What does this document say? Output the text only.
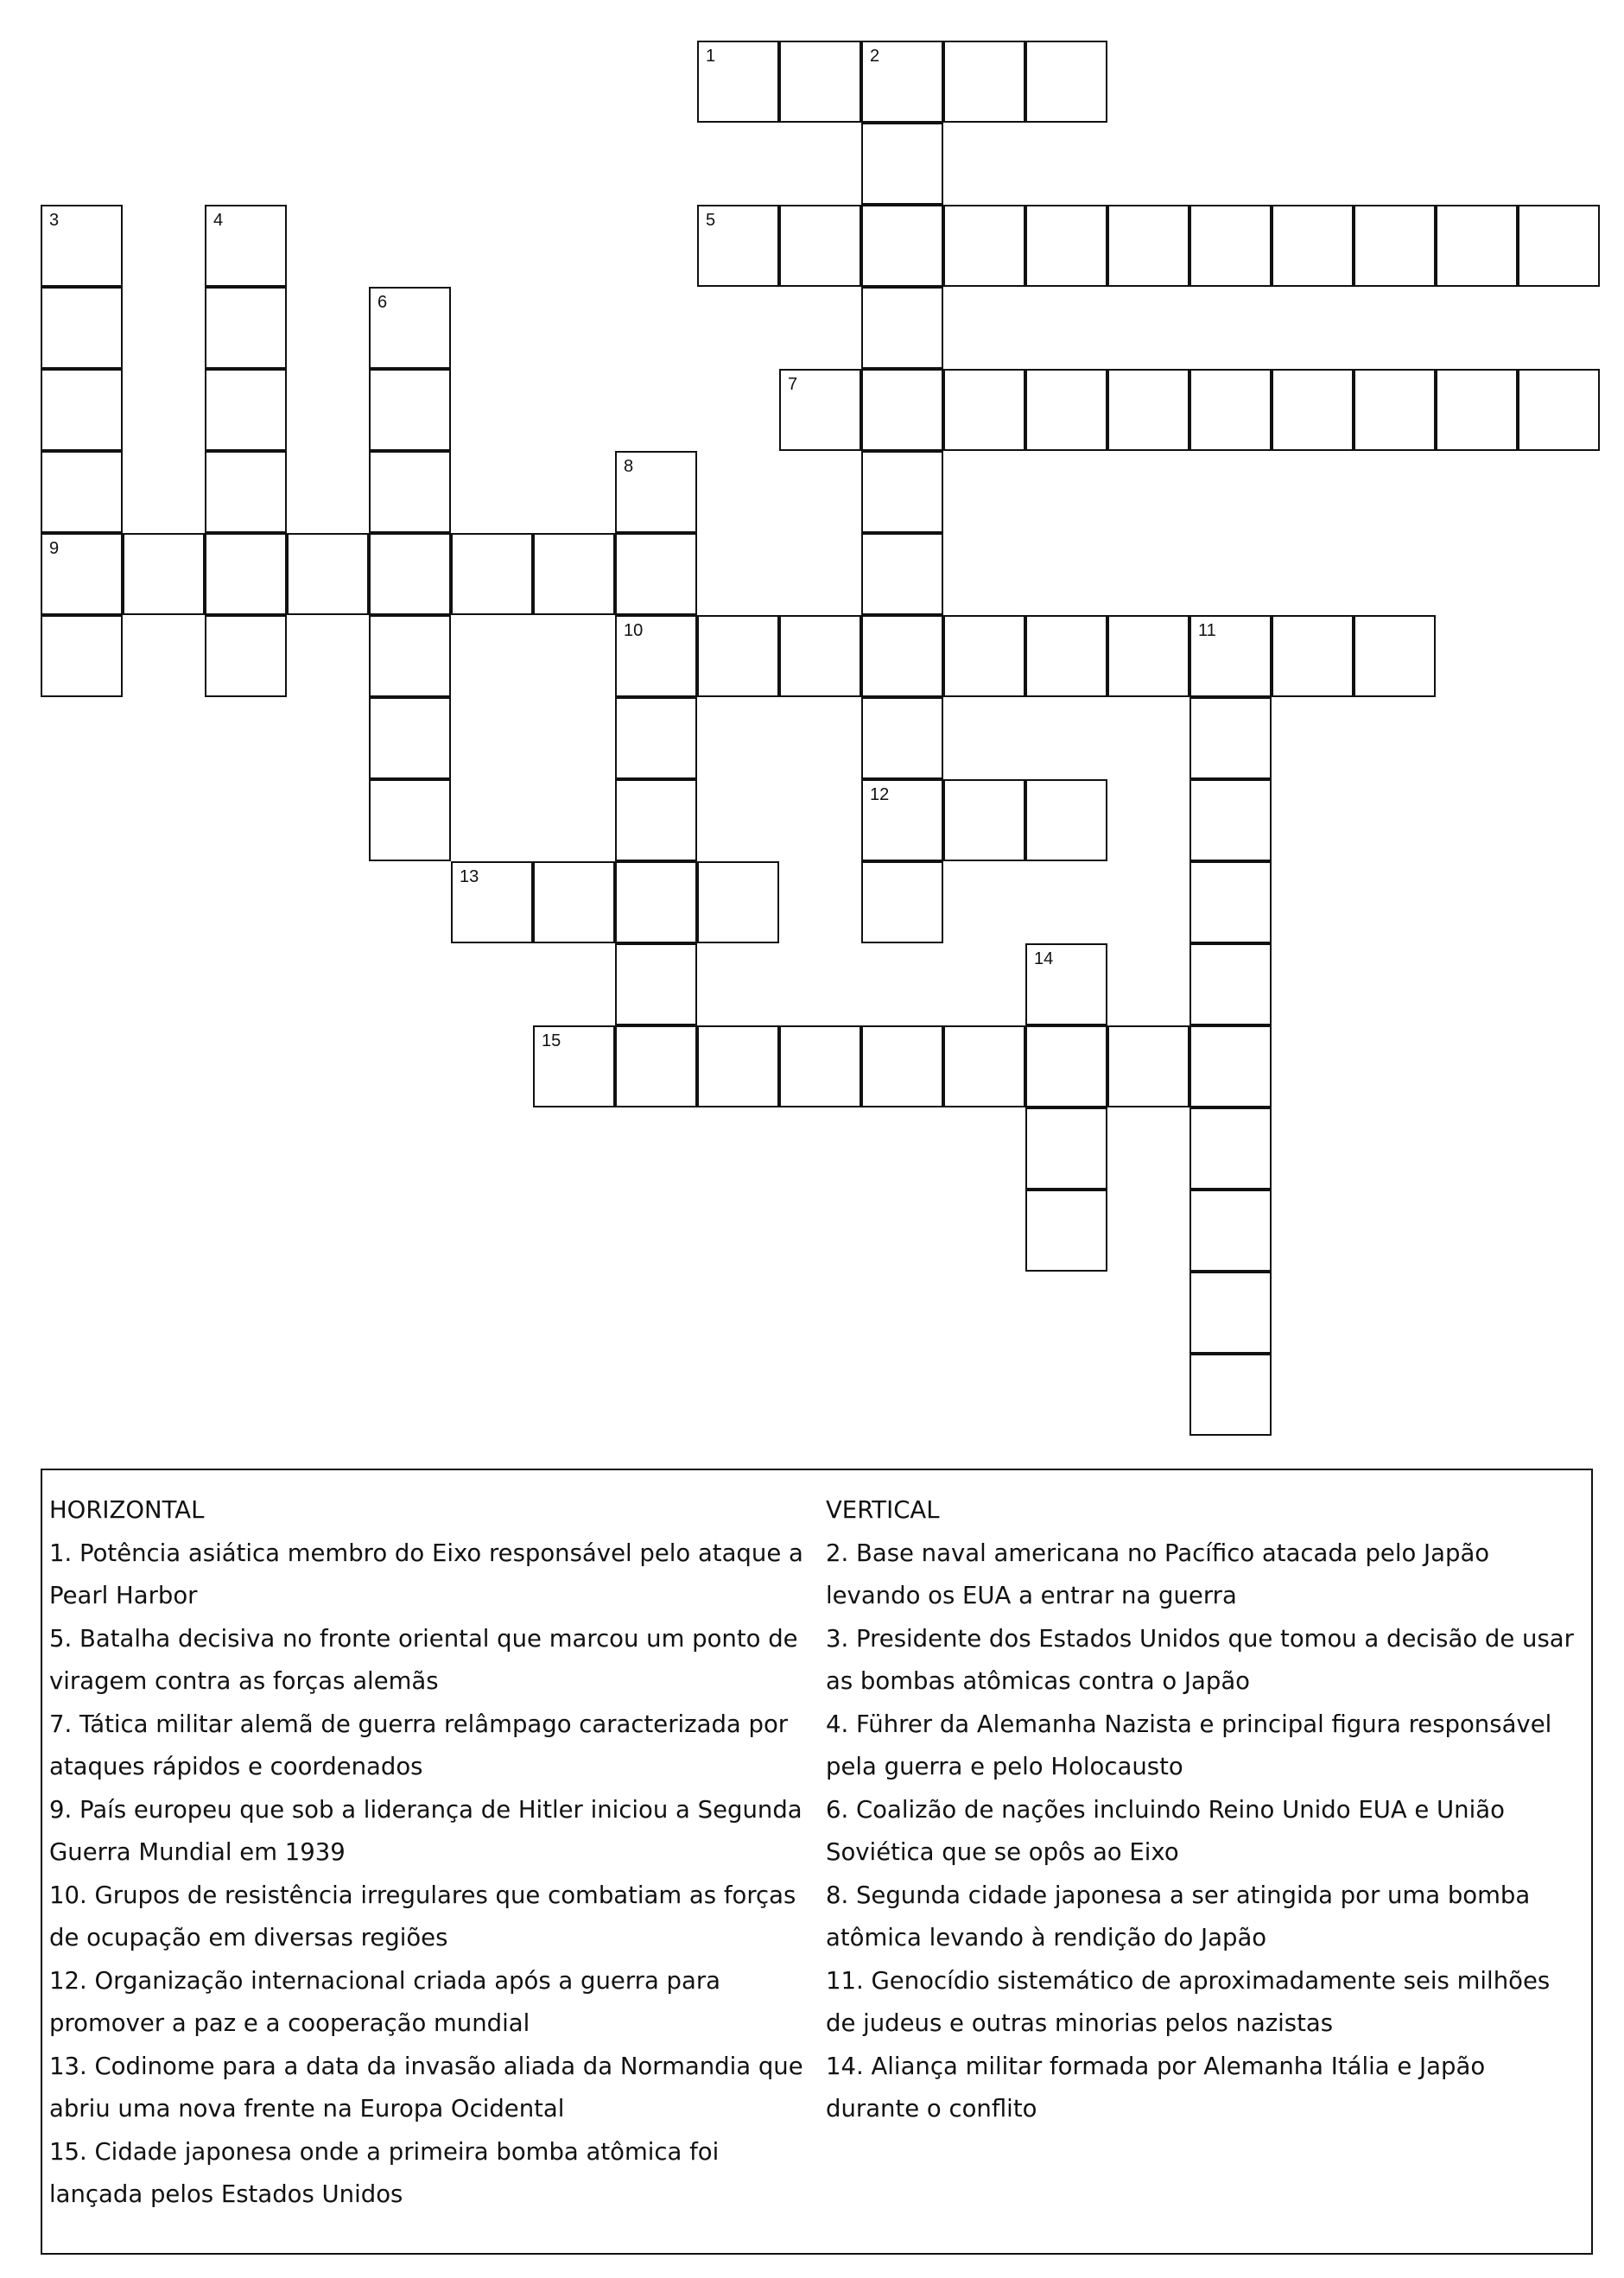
1	2
12
3
9
4	5
6
7
8
10	11
13
14
15
HORIZONTAL
1. Potência asiática membro do Eixo responsável pelo ataque a Pearl Harbor
5. Batalha decisiva no fronte oriental que marcou um ponto de viragem contra as forças alemãs
7. Tática militar alemã de guerra relâmpago caracterizada por ataques rápidos e coordenados
9. País europeu que sob a liderança de Hitler iniciou a Segunda Guerra Mundial em 1939
10. Grupos de resistência irregulares que combatiam as forças de ocupação em diversas regiões
12. Organização internacional criada após a guerra para promover a paz e a cooperação mundial
13. Codinome para a data da invasão aliada da Normandia que abriu uma nova frente na Europa Ocidental
15. Cidade japonesa onde a primeira bomba atômica foi lançada pelos Estados Unidos
VERTICAL
2. Base naval americana no Pacífico atacada pelo Japão levando os EUA a entrar na guerra
3. Presidente dos Estados Unidos que tomou a decisão de usar as bombas atômicas contra o Japão
4. Führer da Alemanha Nazista e principal figura responsável pela guerra e pelo Holocausto
6. Coalizão de nações incluindo Reino Unido EUA e União Soviética que se opôs ao Eixo
8. Segunda cidade japonesa a ser atingida por uma bomba atômica levando à rendição do Japão
11. Genocídio sistemático de aproximadamente seis milhões de judeus e outras minorias pelos nazistas
14. Aliança militar formada por Alemanha Itália e Japão durante o conflito
